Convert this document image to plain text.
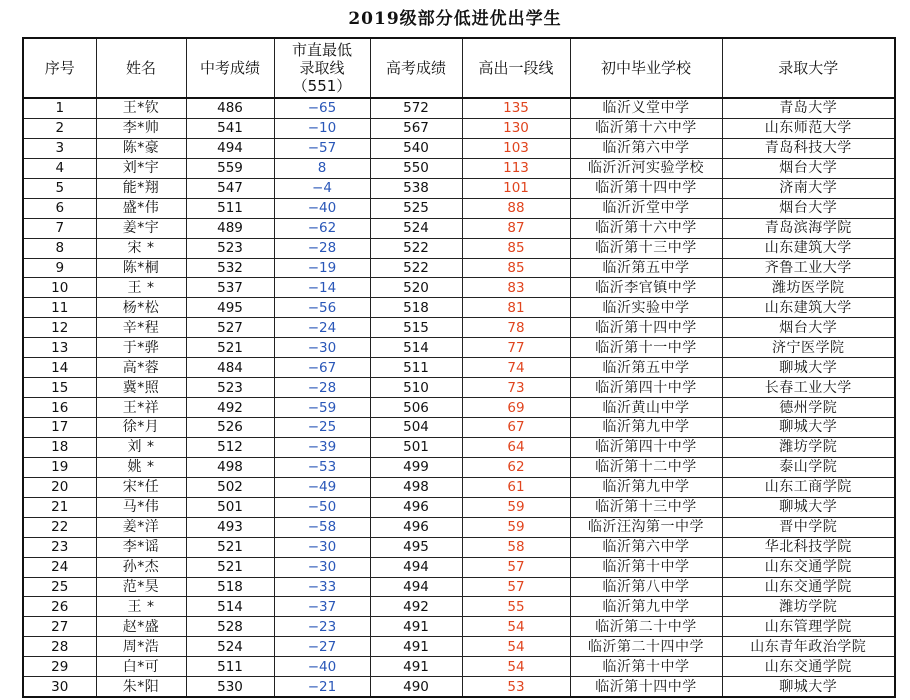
2019级部分低进优出学生
序号	姓名	中考成绩	市直最低
录取线
（551）	高考成绩	高出一段线	初中毕业学校	录取大学
1	王*钦	486	−65	572	135	临沂义堂中学	青岛大学
2	李*帅	541	−10	567	130	临沂第十六中学	山东师范大学
3	陈*豪	494	−57	540	103	临沂第六中学	青岛科技大学
4	刘*宇	559	8	550	113	临沂沂河实验学校	烟台大学
5	能*翔	547	−4	538	101	临沂第十四中学	济南大学
6	盛*伟	511	−40	525	88	临沂沂堂中学	烟台大学
7	姜*宇	489	−62	524	87	临沂第十六中学	青岛滨海学院
8	宋 *	523	−28	522	85	临沂第十三中学	山东建筑大学
9	陈*桐	532	−19	522	85	临沂第五中学	齐鲁工业大学
10	王 *	537	−14	520	83	临沂李官镇中学	潍坊医学院
11	杨*松	495	−56	518	81	临沂实验中学	山东建筑大学
12	辛*程	527	−24	515	78	临沂第十四中学	烟台大学
13	于*骅	521	−30	514	77	临沂第十一中学	济宁医学院
14	高*蓉	484	−67	511	74	临沂第五中学	聊城大学
15	冀*照	523	−28	510	73	临沂第四十中学	长春工业大学
16	王*祥	492	−59	506	69	临沂黄山中学	德州学院
17	徐*月	526	−25	504	67	临沂第九中学	聊城大学
18	刘 *	512	−39	501	64	临沂第四十中学	潍坊学院
19	姚 *	498	−53	499	62	临沂第十二中学	泰山学院
20	宋*任	502	−49	498	61	临沂第九中学	山东工商学院
21	马*伟	501	−50	496	59	临沂第十三中学	聊城大学
22	姜*洋	493	−58	496	59	临沂汪沟第一中学	晋中学院
23	李*谣	521	−30	495	58	临沂第六中学	华北科技学院
24	孙*杰	521	−30	494	57	临沂第十中学	山东交通学院
25	范*昊	518	−33	494	57	临沂第八中学	山东交通学院
26	王 *	514	−37	492	55	临沂第九中学	潍坊学院
27	赵*盛	528	−23	491	54	临沂第二十中学	山东管理学院
28	周*浩	524	−27	491	54	临沂第二十四中学	山东青年政治学院
29	白*可	511	−40	491	54	临沂第十中学	山东交通学院
30	朱*阳	530	−21	490	53	临沂第十四中学	聊城大学
